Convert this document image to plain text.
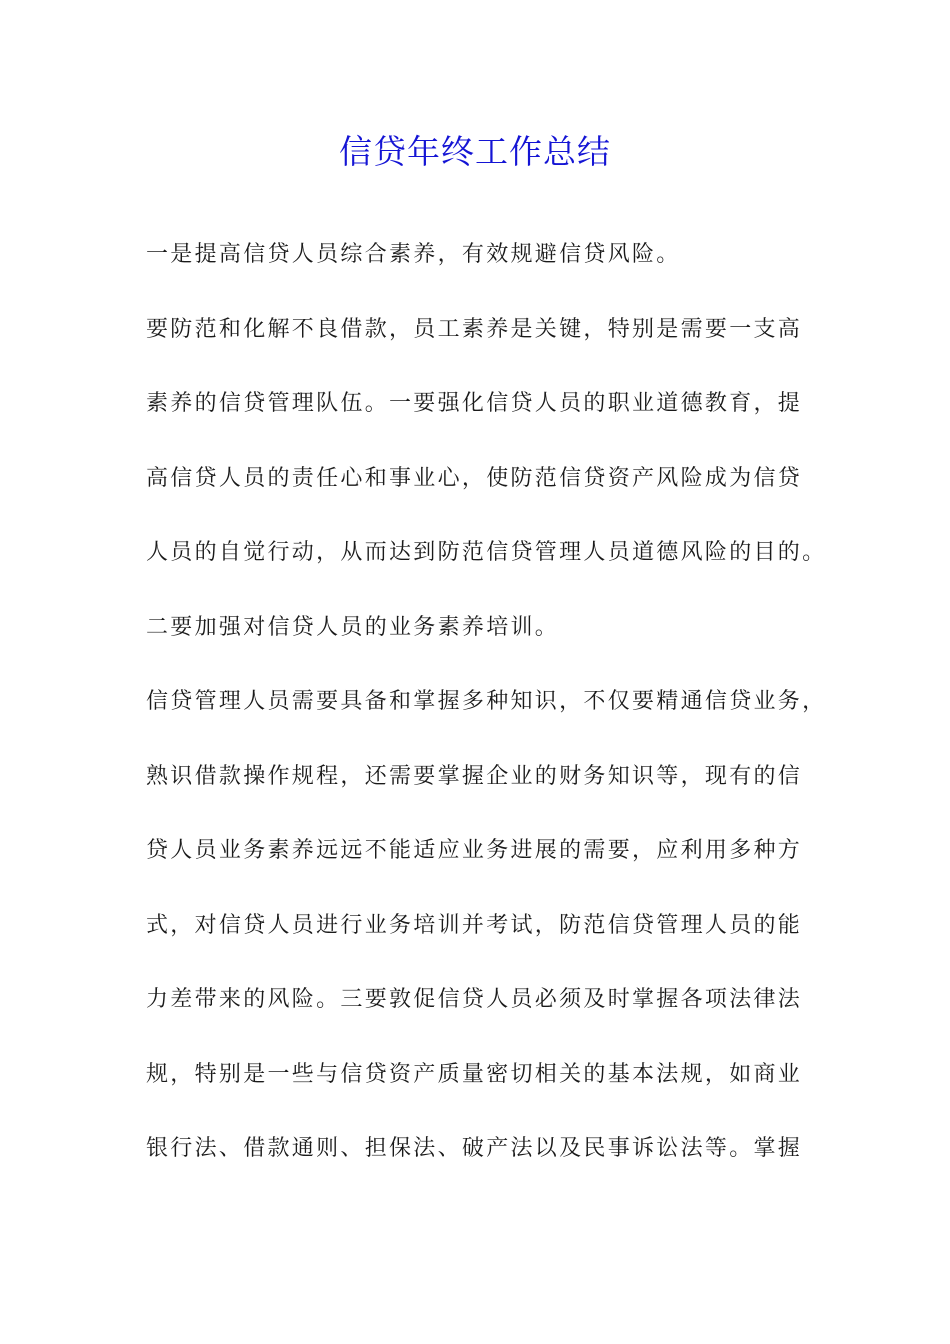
信贷年终工作总结

一是提高信贷人员综合素养，有效规避信贷风险。

要防范和化解不良借款，员工素养是关键，特别是需要一支高

素养的信贷管理队伍。一要强化信贷人员的职业道德教育，提

高信贷人员的责任心和事业心，使防范信贷资产风险成为信贷

人员的自觉行动，从而达到防范信贷管理人员道德风险的目的。

二要加强对信贷人员的业务素养培训。

信贷管理人员需要具备和掌握多种知识，不仅要精通信贷业务，

熟识借款操作规程，还需要掌握企业的财务知识等，现有的信

贷人员业务素养远远不能适应业务进展的需要，应利用多种方

式，对信贷人员进行业务培训并考试，防范信贷管理人员的能

力差带来的风险。三要敦促信贷人员必须及时掌握各项法律法

规，特别是一些与信贷资产质量密切相关的基本法规，如商业

银行法、借款通则、担保法、破产法以及民事诉讼法等。掌握
